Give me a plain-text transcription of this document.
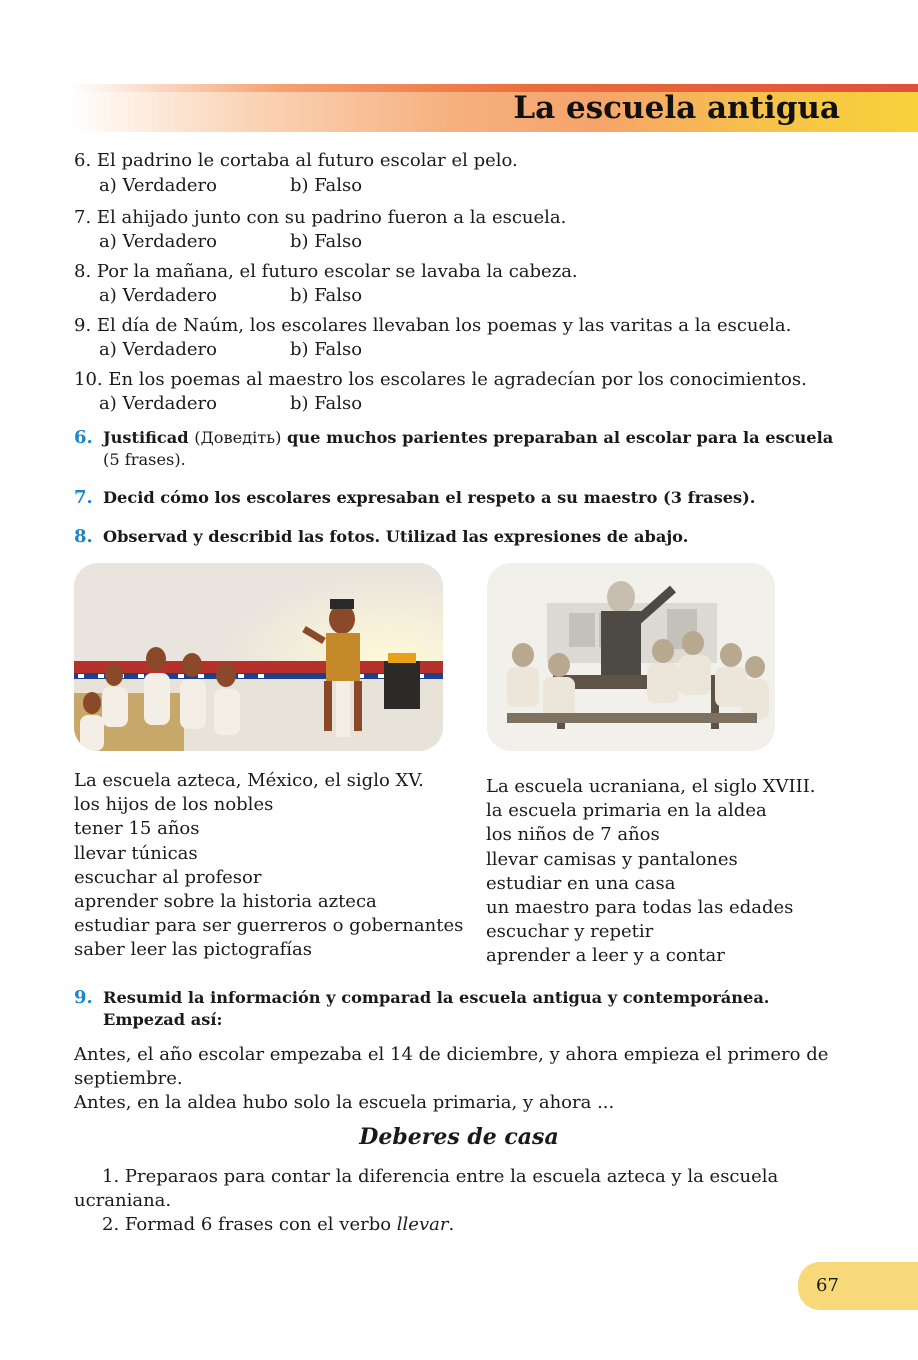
La escuela antigua
6. El padrino le cortaba al futuro escolar el pelo.
a) Verdadero	b) Falso
7. El ahijado junto con su padrino fueron a la escuela.
a) Verdadero	b) Falso
8. Por la mañana, el futuro escolar se lavaba la cabeza.
a) Verdadero	b) Falso
9. El día de Naúm, los escolares llevaban los poemas y las varitas a la escuela.
a) Verdadero	b) Falso
10. En los poemas al maestro los escolares le agradecían por los conocimientos.
a) Verdadero	b) Falso
6. Justificad (Доведіть) que muchos parientes preparaban al escolar para la escuela (5 frases).
7. Decid cómo los escolares expresaban el respeto a su maestro (3 frases).
8. Observad y describid las fotos. Utilizad las expresiones de abajo.
La escuela azteca, México, el siglo XV.
los hijos de los nobles
tener 15 años
llevar túnicas
escuchar al profesor
aprender sobre la historia azteca
estudiar para ser guerreros o gobernantes
saber leer las pictografías
La escuela ucraniana, el siglo XVIII.
la escuela primaria en la aldea
los niños de 7 años
llevar camisas y pantalones
estudiar en una casa
un maestro para todas las edades
escuchar y repetir
aprender a leer y a contar
9. Resumid la información y comparad la escuela antigua y contemporánea. Empezad así:
Antes, el año escolar empezaba el 14 de diciembre, y ahora empieza el primero de septiembre.
Antes, en la aldea hubo solo la escuela primaria, y ahora ...
Deberes de casa
1. Preparaos para contar la diferencia entre la escuela azteca y la escuela ucraniana.
2. Formad 6 frases con el verbo llevar.
67
